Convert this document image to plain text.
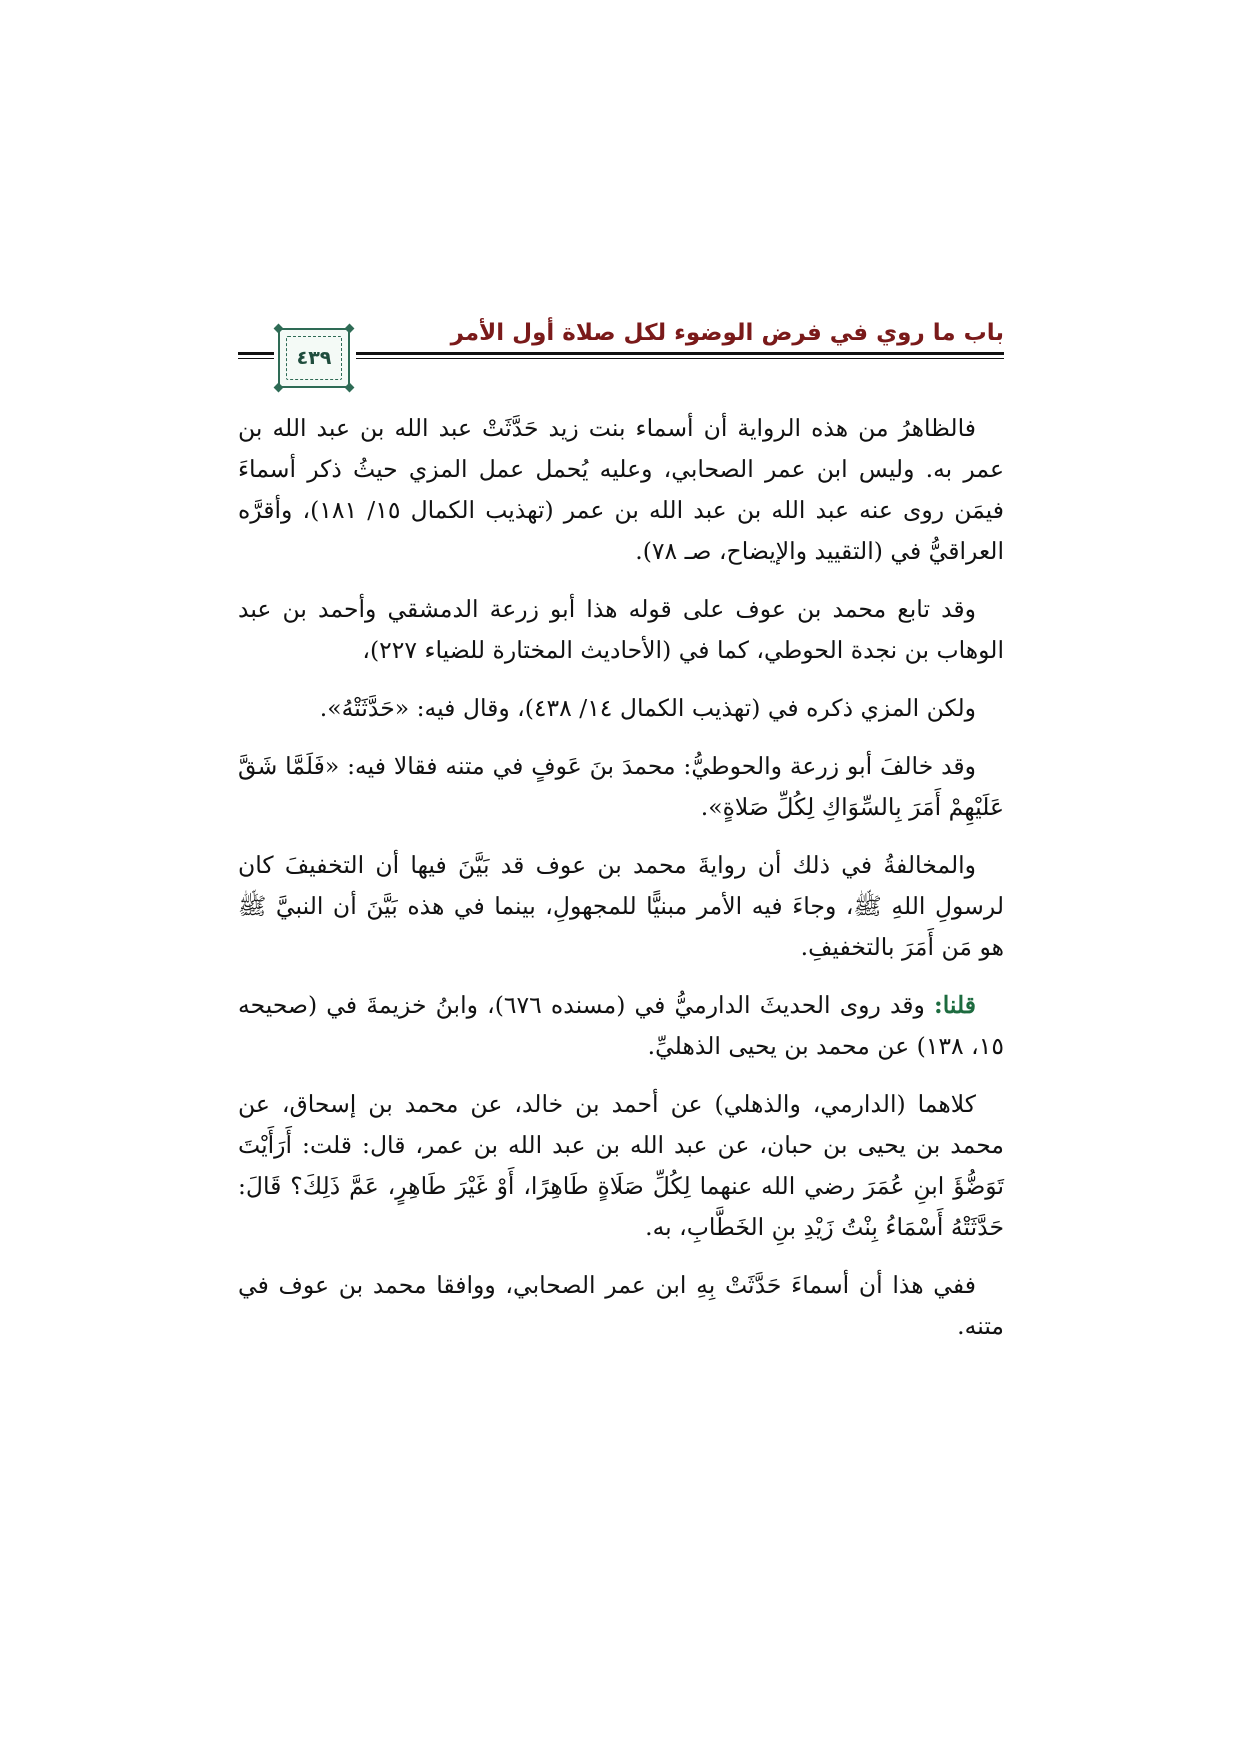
باب ما روي في فرض الوضوء لكل صلاة أول الأمر
٤٣٩

فالظاهرُ من هذه الرواية أن أسماء بنت زيد حَدَّثَتْ عبد الله بن عبد الله بن عمر به. وليس ابن عمر الصحابي، وعليه يُحمل عمل المزي حيثُ ذكر أسماءَ فيمَن روى عنه عبد الله بن عبد الله بن عمر (تهذيب الكمال ١٥/ ١٨١)، وأقرَّه العراقيُّ في (التقييد والإيضاح، صـ ٧٨).

وقد تابع محمد بن عوف على قوله هذا أبو زرعة الدمشقي وأحمد بن عبد الوهاب بن نجدة الحوطي، كما في (الأحاديث المختارة للضياء ٢٢٧)،

ولكن المزي ذكره في (تهذيب الكمال ١٤/ ٤٣٨)، وقال فيه: «حَدَّثَتْهُ».

وقد خالفَ أبو زرعة والحوطيُّ: محمدَ بنَ عَوفٍ في متنه فقالا فيه: «فَلَمَّا شَقَّ عَلَيْهِمْ أَمَرَ بِالسِّوَاكِ لِكُلِّ صَلاةٍ».

والمخالفةُ في ذلك أن روايةَ محمد بن عوف قد بَيَّنَ فيها أن التخفيفَ كان لرسولِ اللهِ ﷺ، وجاءَ فيه الأمر مبنيًّا للمجهولِ، بينما في هذه بَيَّنَ أن النبيَّ ﷺ هو مَن أَمَرَ بالتخفيفِ.

قلنا: وقد روى الحديثَ الدارميُّ في (مسنده ٦٧٦)، وابنُ خزيمةَ في (صحيحه ١٥، ١٣٨) عن محمد بن يحيى الذهليِّ.

كلاهما (الدارمي، والذهلي) عن أحمد بن خالد، عن محمد بن إسحاق، عن محمد بن يحيى بن حبان، عن عبد الله بن عبد الله بن عمر، قال: قلت: أَرَأَيْتَ تَوَضُّؤَ ابنِ عُمَرَ رضي الله عنهما لِكُلِّ صَلَاةٍ طَاهِرًا، أَوْ غَيْرَ طَاهِرٍ، عَمَّ ذَلِكَ؟ قَالَ: حَدَّثَتْهُ أَسْمَاءُ بِنْتُ زَيْدِ بنِ الخَطَّابِ، به.

ففي هذا أن أسماءَ حَدَّثَتْ بِهِ ابن عمر الصحابي، ووافقا محمد بن عوف في متنه.
